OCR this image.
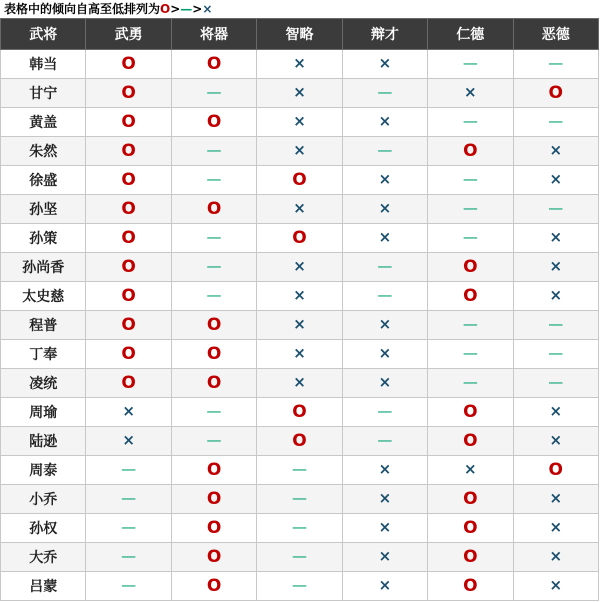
表格中的倾向自高至低排列为O>—>×
武将	武勇	将器	智略	辩才	仁德	恶德
韩当	O	O	×	×	—	—
甘宁	O	—	×	—	×	O
黄盖	O	O	×	×	—	—
朱然	O	—	×	—	O	×
徐盛	O	—	O	×	—	×
孙坚	O	O	×	×	—	—
孙策	O	—	O	×	—	×
孙尚香	O	—	×	—	O	×
太史慈	O	—	×	—	O	×
程普	O	O	×	×	—	—
丁奉	O	O	×	×	—	—
凌统	O	O	×	×	—	—
周瑜	×	—	O	—	O	×
陆逊	×	—	O	—	O	×
周泰	—	O	—	×	×	O
小乔	—	O	—	×	O	×
孙权	—	O	—	×	O	×
大乔	—	O	—	×	O	×
吕蒙	—	O	—	×	O	×
